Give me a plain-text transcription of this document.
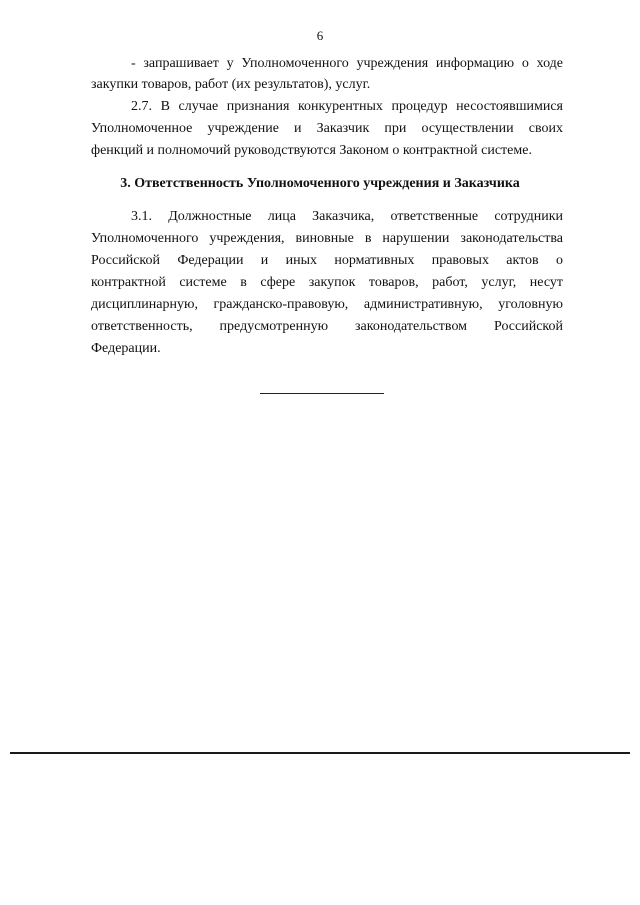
6
- запрашивает у Уполномоченного учреждения информацию о ходе
закупки товаров, работ (их результатов), услуг.
2.7. В случае признания конкурентных процедур несостоявшимися
Уполномоченное учреждение и Заказчик при осуществлении своих
фенкций и полномочий руководствуются Законом о контрактной системе.
3. Ответственность Уполномоченного учреждения и Заказчика
3.1. Должностные лица Заказчика, ответственные сотрудники
Уполномоченного учреждения, виновные в нарушении законодательства
Российской Федерации и иных нормативных правовых актов о
контрактной системе в сфере закупок товаров, работ, услуг, несут
дисциплинарную, гражданско-правовую, административную, уголовную
ответственность, предусмотренную законодательством Российской
Федерации.
